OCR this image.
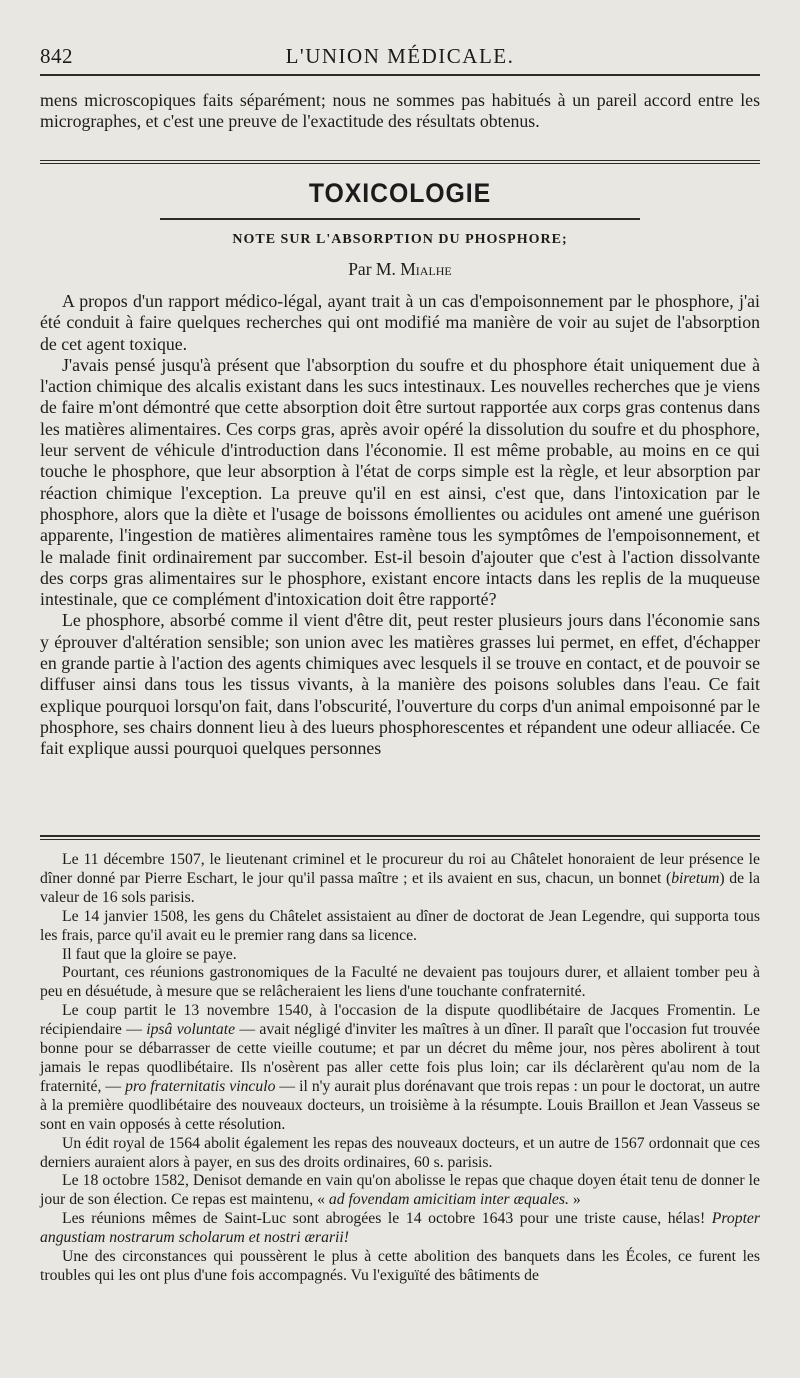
842	L'UNION MÉDICALE.

mens microscopiques faits séparément; nous ne sommes pas habitués à un pareil accord entre les micrographes, et c'est une preuve de l'exactitude des résultats obtenus.

TOXICOLOGIE
NOTE SUR L'ABSORPTION DU PHOSPHORE;
Par M. Mialhe

A propos d'un rapport médico-légal, ayant trait à un cas d'empoisonnement par le phosphore, j'ai été conduit à faire quelques recherches qui ont modifié ma manière de voir au sujet de l'absorption de cet agent toxique.

J'avais pensé jusqu'à présent que l'absorption du soufre et du phosphore était uniquement due à l'action chimique des alcalis existant dans les sucs intestinaux. Les nouvelles recherches que je viens de faire m'ont démontré que cette absorption doit être surtout rapportée aux corps gras contenus dans les matières alimentaires. Ces corps gras, après avoir opéré la dissolution du soufre et du phosphore, leur servent de véhicule d'introduction dans l'économie. Il est même probable, au moins en ce qui touche le phosphore, que leur absorption à l'état de corps simple est la règle, et leur absorption par réaction chimique l'exception. La preuve qu'il en est ainsi, c'est que, dans l'intoxication par le phosphore, alors que la diète et l'usage de boissons émollientes ou acidules ont amené une guérison apparente, l'ingestion de matières alimentaires ramène tous les symptômes de l'empoisonnement, et le malade finit ordinairement par succomber. Est-il besoin d'ajouter que c'est à l'action dissolvante des corps gras alimentaires sur le phosphore, existant encore intacts dans les replis de la muqueuse intestinale, que ce complément d'intoxication doit être rapporté?

Le phosphore, absorbé comme il vient d'être dit, peut rester plusieurs jours dans l'économie sans y éprouver d'altération sensible; son union avec les matières grasses lui permet, en effet, d'échapper en grande partie à l'action des agents chimiques avec lesquels il se trouve en contact, et de pouvoir se diffuser ainsi dans tous les tissus vivants, à la manière des poisons solubles dans l'eau. Ce fait explique pourquoi lorsqu'on fait, dans l'obscurité, l'ouverture du corps d'un animal empoisonné par le phosphore, ses chairs donnent lieu à des lueurs phosphorescentes et répandent une odeur alliacée. Ce fait explique aussi pourquoi quelques personnes

Le 11 décembre 1507, le lieutenant criminel et le procureur du roi au Châtelet honoraient de leur présence le dîner donné par Pierre Eschart, le jour qu'il passa maître ; et ils avaient en sus, chacun, un bonnet (biretum) de la valeur de 16 sols parisis.

Le 14 janvier 1508, les gens du Châtelet assistaient au dîner de doctorat de Jean Legendre, qui supporta tous les frais, parce qu'il avait eu le premier rang dans sa licence.

Il faut que la gloire se paye.

Pourtant, ces réunions gastronomiques de la Faculté ne devaient pas toujours durer, et allaient tomber peu à peu en désuétude, à mesure que se relâcheraient les liens d'une touchante confraternité.

Le coup partit le 13 novembre 1540, à l'occasion de la dispute quodlibétaire de Jacques Fromentin. Le récipiendaire — ipsâ voluntate — avait négligé d'inviter les maîtres à un dîner. Il paraît que l'occasion fut trouvée bonne pour se débarrasser de cette vieille coutume; et par un décret du même jour, nos pères abolirent à tout jamais le repas quodlibétaire. Ils n'osèrent pas aller cette fois plus loin; car ils déclarèrent qu'au nom de la fraternité, — pro fraternitatis vinculo — il n'y aurait plus dorénavant que trois repas : un pour le doctorat, un autre à la première quodlibétaire des nouveaux docteurs, un troisième à la résumpte. Louis Braillon et Jean Vasseus se sont en vain opposés à cette résolution.

Un édit royal de 1564 abolit également les repas des nouveaux docteurs, et un autre de 1567 ordonnait que ces derniers auraient alors à payer, en sus des droits ordinaires, 60 s. parisis.

Le 18 octobre 1582, Denisot demande en vain qu'on abolisse le repas que chaque doyen était tenu de donner le jour de son élection. Ce repas est maintenu, « ad fovendam amicitiam inter æquales. »

Les réunions mêmes de Saint-Luc sont abrogées le 14 octobre 1643 pour une triste cause, hélas! Propter angustiam nostrarum scholarum et nostri ærarii!

Une des circonstances qui poussèrent le plus à cette abolition des banquets dans les Écoles, ce furent les troubles qui les ont plus d'une fois accompagnés. Vu l'exiguïté des bâtiments de
